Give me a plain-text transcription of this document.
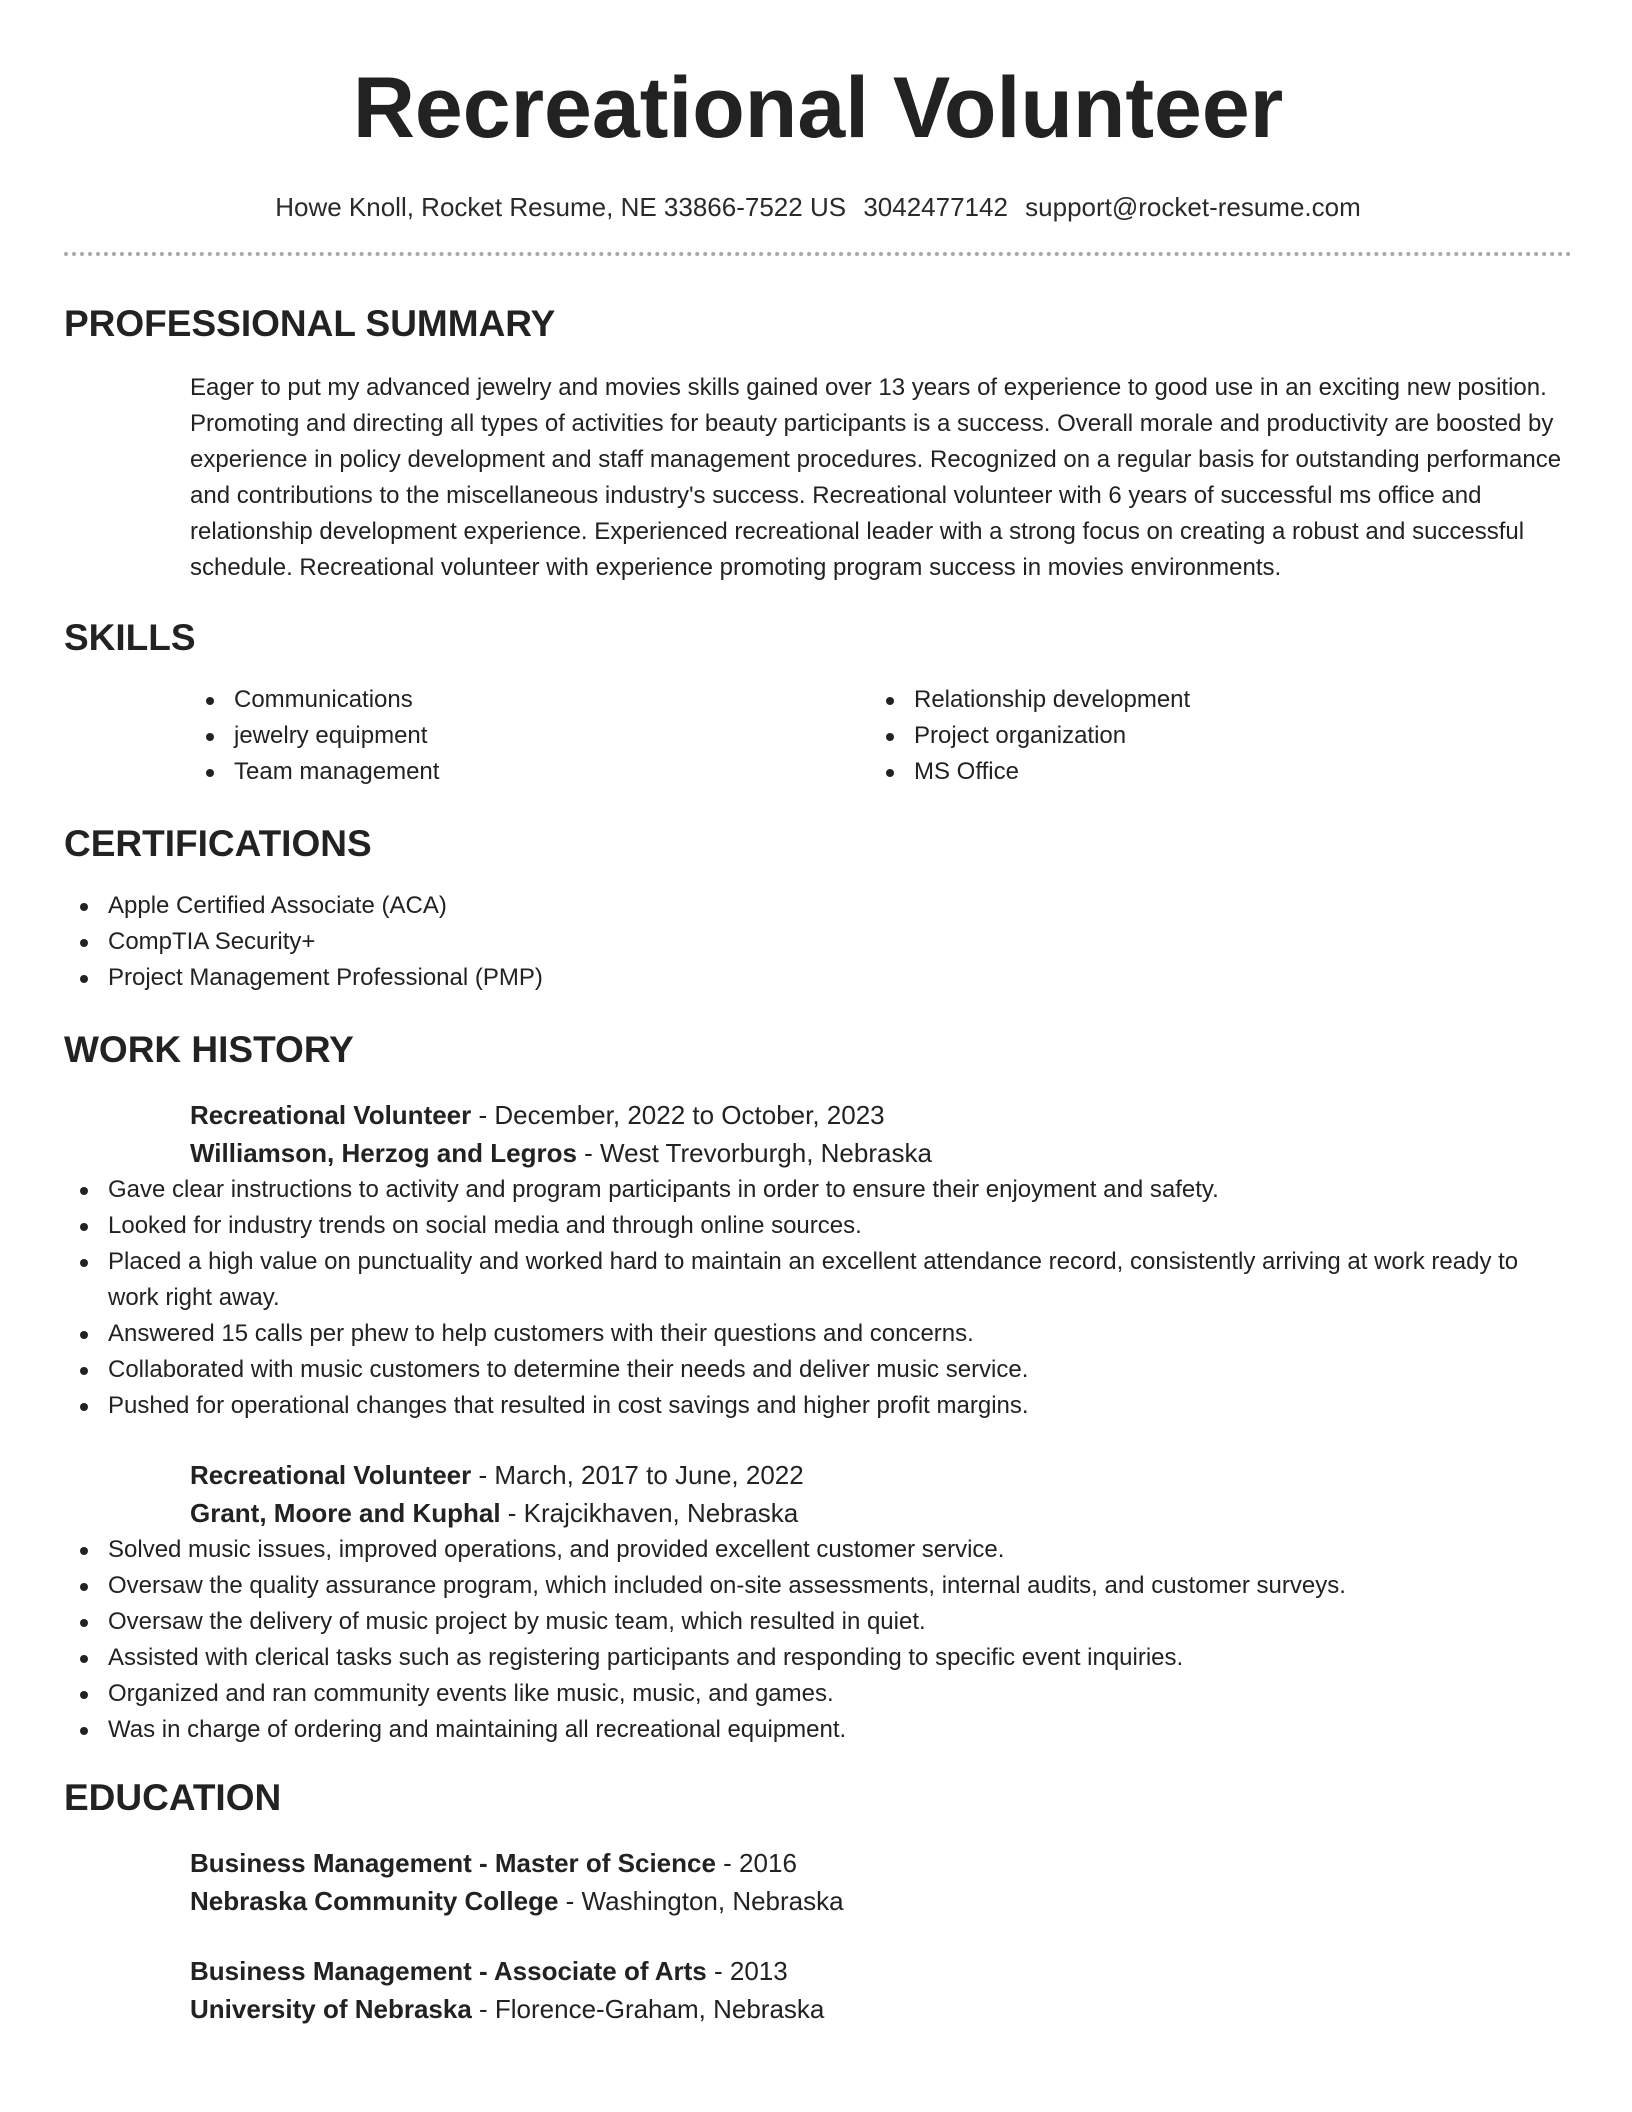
Recreational Volunteer
Howe Knoll, Rocket Resume, NE 33866-7522 US 3042477142 support@rocket-resume.com
PROFESSIONAL SUMMARY

Eager to put my advanced jewelry and movies skills gained over 13 years of experience to good use in an exciting new position. Promoting and directing all types of activities for beauty participants is a success. Overall morale and productivity are boosted by experience in policy development and staff management procedures. Recognized on a regular basis for outstanding performance and contributions to the miscellaneous industry's success. Recreational volunteer with 6 years of successful ms office and relationship development experience. Experienced recreational leader with a strong focus on creating a robust and successful schedule. Recreational volunteer with experience promoting program success in movies environments.

SKILLS
Communications
jewelry equipment
Team management
Relationship development
Project organization
MS Office
CERTIFICATIONS
Apple Certified Associate (ACA)
CompTIA Security+
Project Management Professional (PMP)
WORK HISTORY
Recreational Volunteer - December, 2022 to October, 2023
Williamson, Herzog and Legros - West Trevorburgh, Nebraska
Gave clear instructions to activity and program participants in order to ensure their enjoyment and safety.
Looked for industry trends on social media and through online sources.
Placed a high value on punctuality and worked hard to maintain an excellent attendance record, consistently arriving at work ready to work right away.
Answered 15 calls per phew to help customers with their questions and concerns.
Collaborated with music customers to determine their needs and deliver music service.
Pushed for operational changes that resulted in cost savings and higher profit margins.
Recreational Volunteer - March, 2017 to June, 2022
Grant, Moore and Kuphal - Krajcikhaven, Nebraska
Solved music issues, improved operations, and provided excellent customer service.
Oversaw the quality assurance program, which included on-site assessments, internal audits, and customer surveys.
Oversaw the delivery of music project by music team, which resulted in quiet.
Assisted with clerical tasks such as registering participants and responding to specific event inquiries.
Organized and ran community events like music, music, and games.
Was in charge of ordering and maintaining all recreational equipment.
EDUCATION
Business Management - Master of Science - 2016
Nebraska Community College - Washington, Nebraska
Business Management - Associate of Arts - 2013
University of Nebraska - Florence-Graham, Nebraska
